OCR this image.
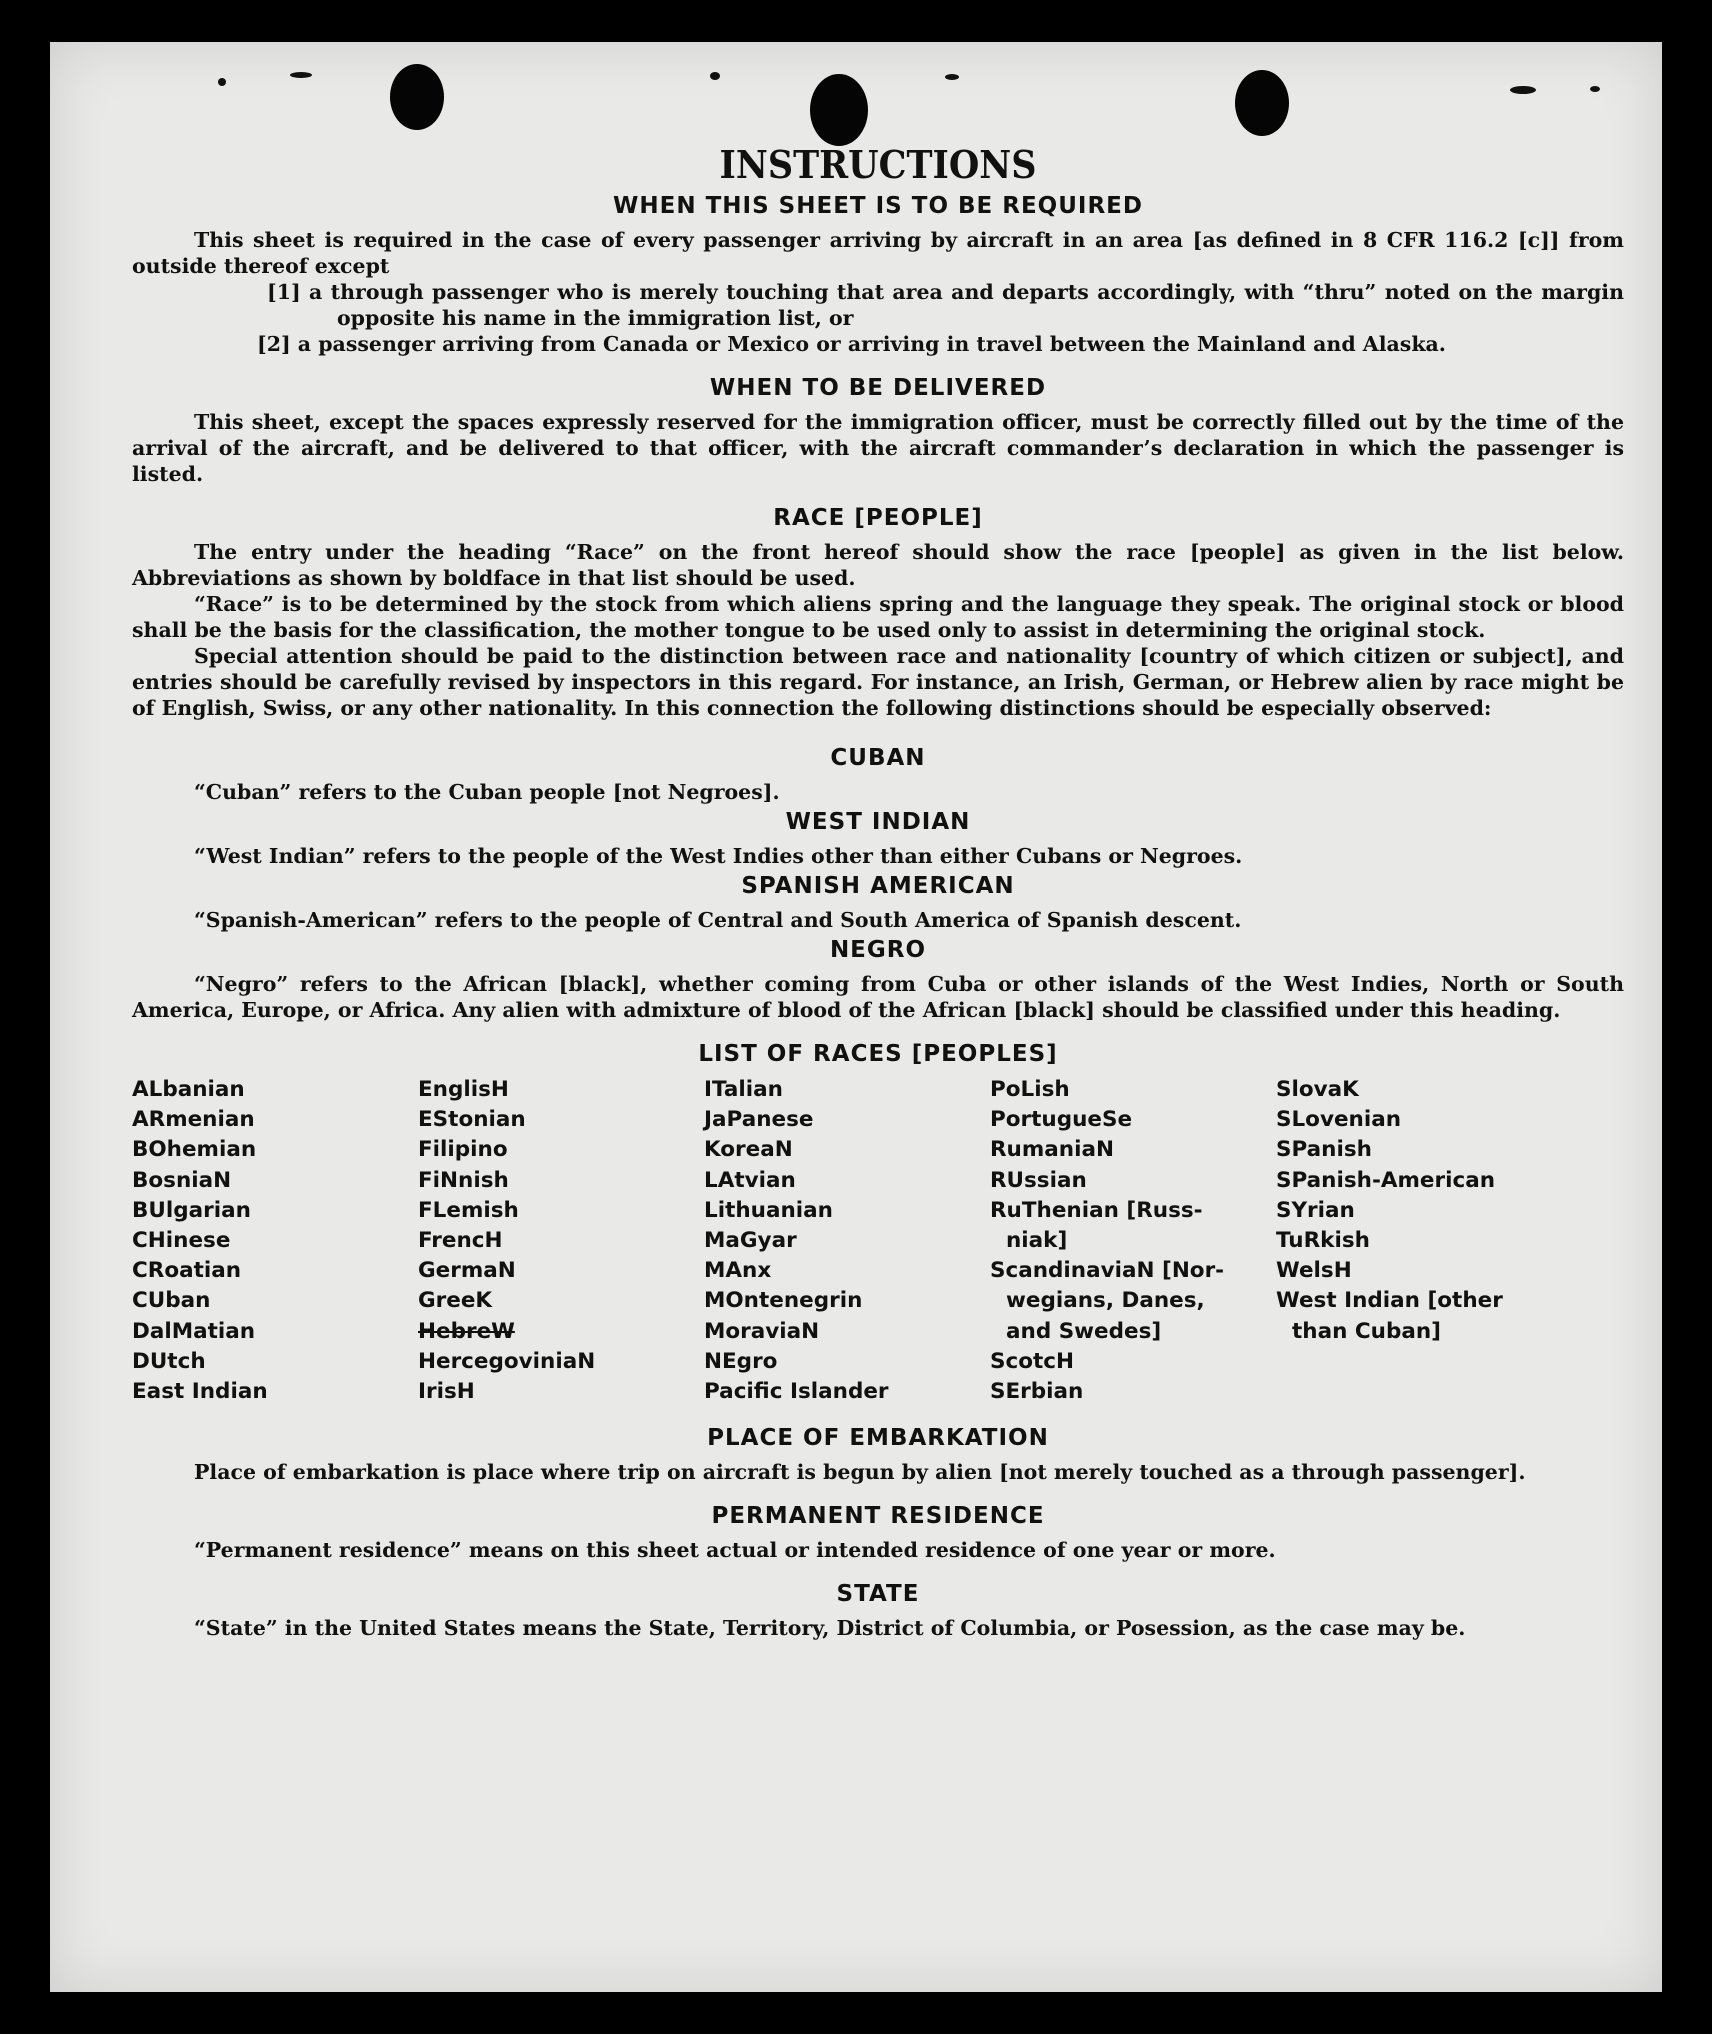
INSTRUCTIONS
WHEN THIS SHEET IS TO BE REQUIRED

This sheet is required in the case of every passenger arriving by aircraft in an area [as defined in 8 CFR 116.2 [c]] from outside thereof except

[1] a through passenger who is merely touching that area and departs accordingly, with “thru” noted on the margin opposite his name in the immigration list, or

[2] a passenger arriving from Canada or Mexico or arriving in travel between the Mainland and Alaska.

WHEN TO BE DELIVERED

This sheet, except the spaces expressly reserved for the immigration officer, must be correctly filled out by the time of the arrival of the aircraft, and be delivered to that officer, with the aircraft commander’s declaration in which the passenger is listed.

RACE [PEOPLE]

The entry under the heading “Race” on the front hereof should show the race [people] as given in the list below. Abbreviations as shown by boldface in that list should be used.

“Race” is to be determined by the stock from which aliens spring and the language they speak. The original stock or blood shall be the basis for the classification, the mother tongue to be used only to assist in determining the original stock.

Special attention should be paid to the distinction between race and nationality [country of which citizen or subject], and entries should be carefully revised by inspectors in this regard. For instance, an Irish, German, or Hebrew alien by race might be of English, Swiss, or any other nationality. In this connection the following distinctions should be especially observed:

CUBAN

“Cuban” refers to the Cuban people [not Negroes].

WEST INDIAN

“West Indian” refers to the people of the West Indies other than either Cubans or Negroes.

SPANISH AMERICAN

“Spanish-American” refers to the people of Central and South America of Spanish descent.

NEGRO

“Negro” refers to the African [black], whether coming from Cuba or other islands of the West Indies, North or South America, Europe, or Africa. Any alien with admixture of blood of the African [black] should be classified under this heading.

LIST OF RACES [PEOPLES]
ALbanian
ARmenian
BOhemian
BosniaN
BUlgarian
CHinese
CRoatian
CUban
DalMatian
DUtch
East Indian
EnglisH
EStonian
Filipino
FiNnish
FLemish
FrencH
GermaN
GreeK
HebreW
HercegoviniaN
IrisH
ITalian
JaPanese
KoreaN
LAtvian
Lithuanian
MaGyar
MAnx
MOntenegrin
MoraviaN
NEgro
Pacific Islander
PoLish
PortugueSe
RumaniaN
RUssian
RuThenian [Russ-
niak]
ScandinaviaN [Nor-
wegians, Danes,
and Swedes]
ScotcH
SErbian
SlovaK
SLovenian
SPanish
SPanish-American
SYrian
TuRkish
WelsH
West Indian [other
than Cuban]
PLACE OF EMBARKATION

Place of embarkation is place where trip on aircraft is begun by alien [not merely touched as a through passenger].

PERMANENT RESIDENCE

“Permanent residence” means on this sheet actual or intended residence of one year or more.

STATE

“State” in the United States means the State, Territory, District of Columbia, or Posession, as the case may be.
